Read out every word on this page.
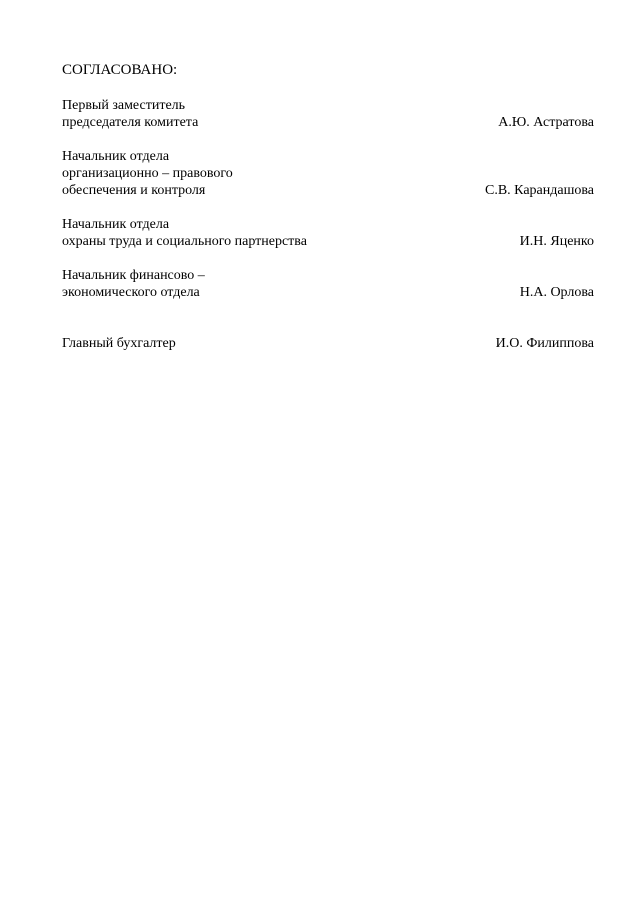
СОГЛАСОВАНО:
Первый заместитель
председателя комитета	А.Ю. Астратова
Начальник отдела
организационно – правового
обеспечения и контроля	С.В. Карандашова
Начальник отдела
охраны труда и социального партнерства	И.Н. Яценко
Начальник финансово –
экономического отдела	Н.А. Орлова
Главный бухгалтер	И.О. Филиппова
